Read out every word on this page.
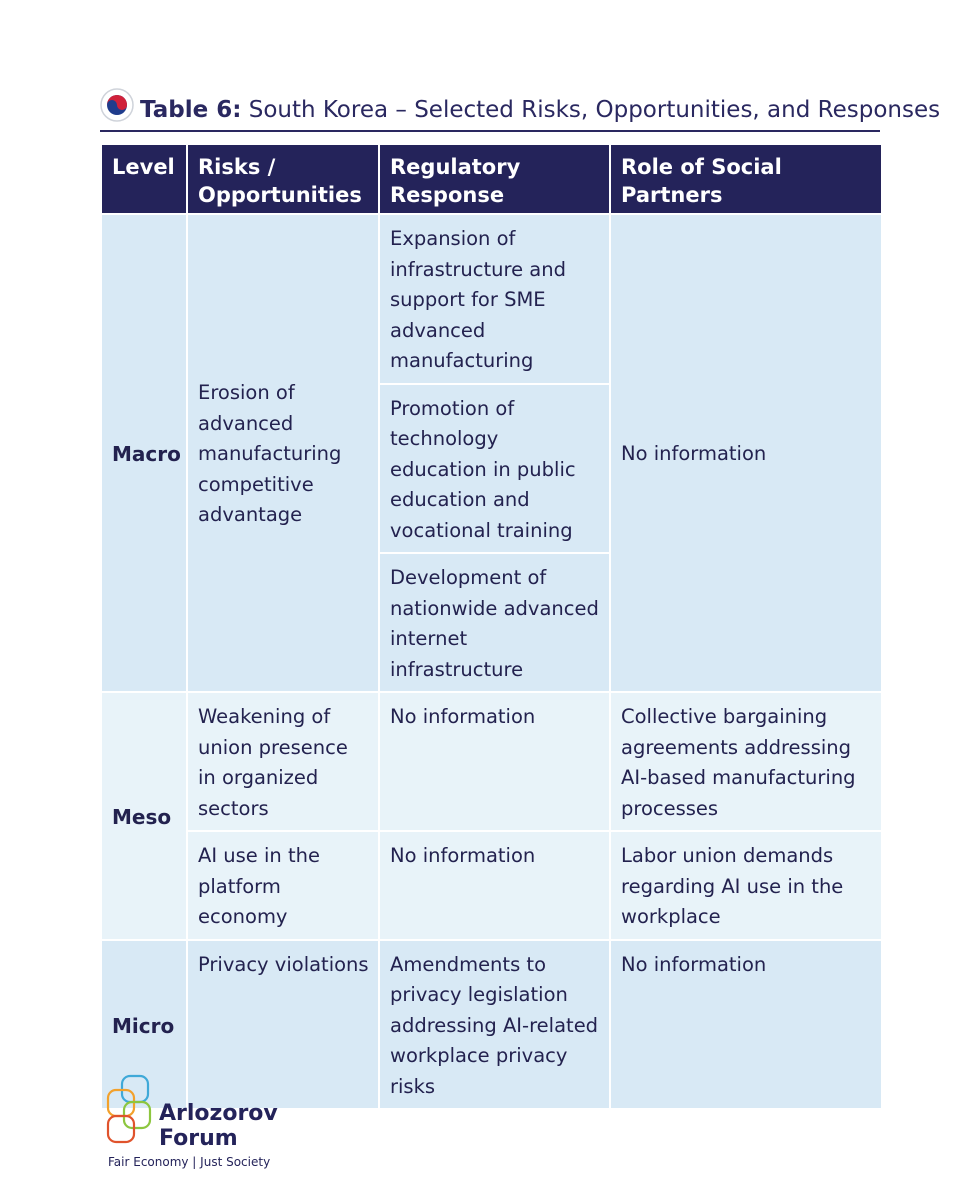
Table 6: South Korea – Selected Risks, Opportunities, and Responses
Level	Risks / Opportunities	Regulatory Response	Role of Social Partners
Macro	Erosion of advanced manufacturing competitive advantage	Expansion of infrastructure and support for SME advanced manufacturing	No information
		Promotion of technology education in public education and vocational training	
		Development of nationwide advanced internet infrastructure	
Meso	Weakening of union presence in organized sectors	No information	Collective bargaining agreements addressing AI-based manufacturing processes
	AI use in the platform economy	No information	Labor union demands regarding AI use in the workplace
Micro	Privacy violations	Amendments to privacy legislation addressing AI-related workplace privacy risks	No information
Arlozorov
Forum
Fair Economy | Just Society
